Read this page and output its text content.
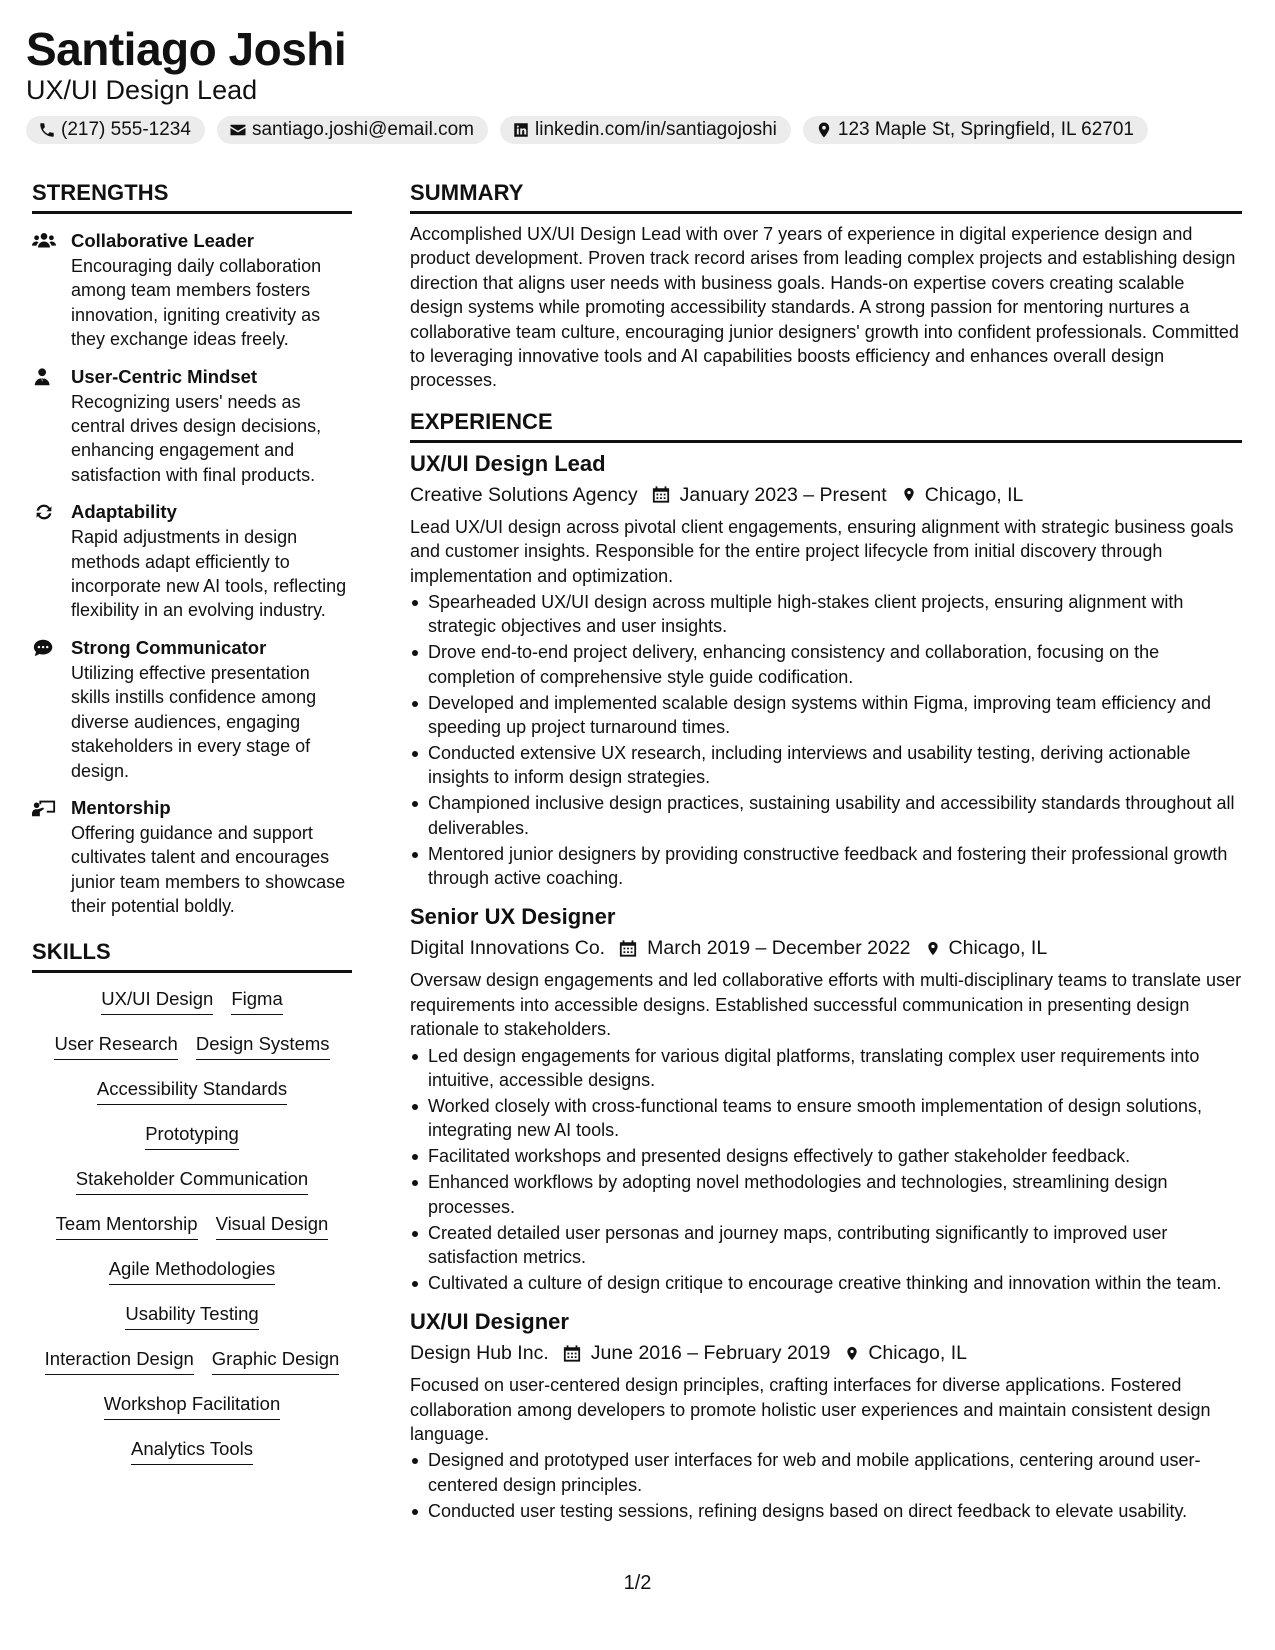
Santiago Joshi
UX/UI Design Lead
(217) 555-1234	santiago.joshi@email.com	linkedin.com/in/santiagojoshi	123 Maple St, Springfield, IL 62701
STRENGTHS
Collaborative Leader
Encouraging daily collaboration among team members fosters innovation, igniting creativity as they exchange ideas freely.
User-Centric Mindset
Recognizing users' needs as central drives design decisions, enhancing engagement and satisfaction with final products.
Adaptability
Rapid adjustments in design methods adapt efficiently to incorporate new AI tools, reflecting flexibility in an evolving industry.
Strong Communicator
Utilizing effective presentation skills instills confidence among diverse audiences, engaging stakeholders in every stage of design.
Mentorship
Offering guidance and support cultivates talent and encourages junior team members to showcase their potential boldly.
SKILLS
UX/UI Design Figma
User Research Design Systems
Accessibility Standards
Prototyping
Stakeholder Communication
Team Mentorship Visual Design
Agile Methodologies
Usability Testing
Interaction Design Graphic Design
Workshop Facilitation
Analytics Tools
SUMMARY
Accomplished UX/UI Design Lead with over 7 years of experience in digital experience design and product development. Proven track record arises from leading complex projects and establishing design direction that aligns user needs with business goals. Hands-on expertise covers creating scalable design systems while promoting accessibility standards. A strong passion for mentoring nurtures a collaborative team culture, encouraging junior designers' growth into confident professionals. Committed to leveraging innovative tools and AI capabilities boosts efficiency and enhances overall design processes.
EXPERIENCE
UX/UI Design Lead
Creative Solutions Agency January 2023 – Present Chicago, IL
Lead UX/UI design across pivotal client engagements, ensuring alignment with strategic business goals and customer insights. Responsible for the entire project lifecycle from initial discovery through implementation and optimization.
Spearheaded UX/UI design across multiple high-stakes client projects, ensuring alignment with strategic objectives and user insights.
Drove end-to-end project delivery, enhancing consistency and collaboration, focusing on the completion of comprehensive style guide codification.
Developed and implemented scalable design systems within Figma, improving team efficiency and speeding up project turnaround times.
Conducted extensive UX research, including interviews and usability testing, deriving actionable insights to inform design strategies.
Championed inclusive design practices, sustaining usability and accessibility standards throughout all deliverables.
Mentored junior designers by providing constructive feedback and fostering their professional growth through active coaching.
Senior UX Designer
Digital Innovations Co. March 2019 – December 2022 Chicago, IL
Oversaw design engagements and led collaborative efforts with multi-disciplinary teams to translate user requirements into accessible designs. Established successful communication in presenting design rationale to stakeholders.
Led design engagements for various digital platforms, translating complex user requirements into intuitive, accessible designs.
Worked closely with cross-functional teams to ensure smooth implementation of design solutions, integrating new AI tools.
Facilitated workshops and presented designs effectively to gather stakeholder feedback.
Enhanced workflows by adopting novel methodologies and technologies, streamlining design processes.
Created detailed user personas and journey maps, contributing significantly to improved user satisfaction metrics.
Cultivated a culture of design critique to encourage creative thinking and innovation within the team.
UX/UI Designer
Design Hub Inc. June 2016 – February 2019 Chicago, IL
Focused on user-centered design principles, crafting interfaces for diverse applications. Fostered collaboration among developers to promote holistic user experiences and maintain consistent design language.
Designed and prototyped user interfaces for web and mobile applications, centering around user-centered design principles.
Conducted user testing sessions, refining designs based on direct feedback to elevate usability.
1/2
